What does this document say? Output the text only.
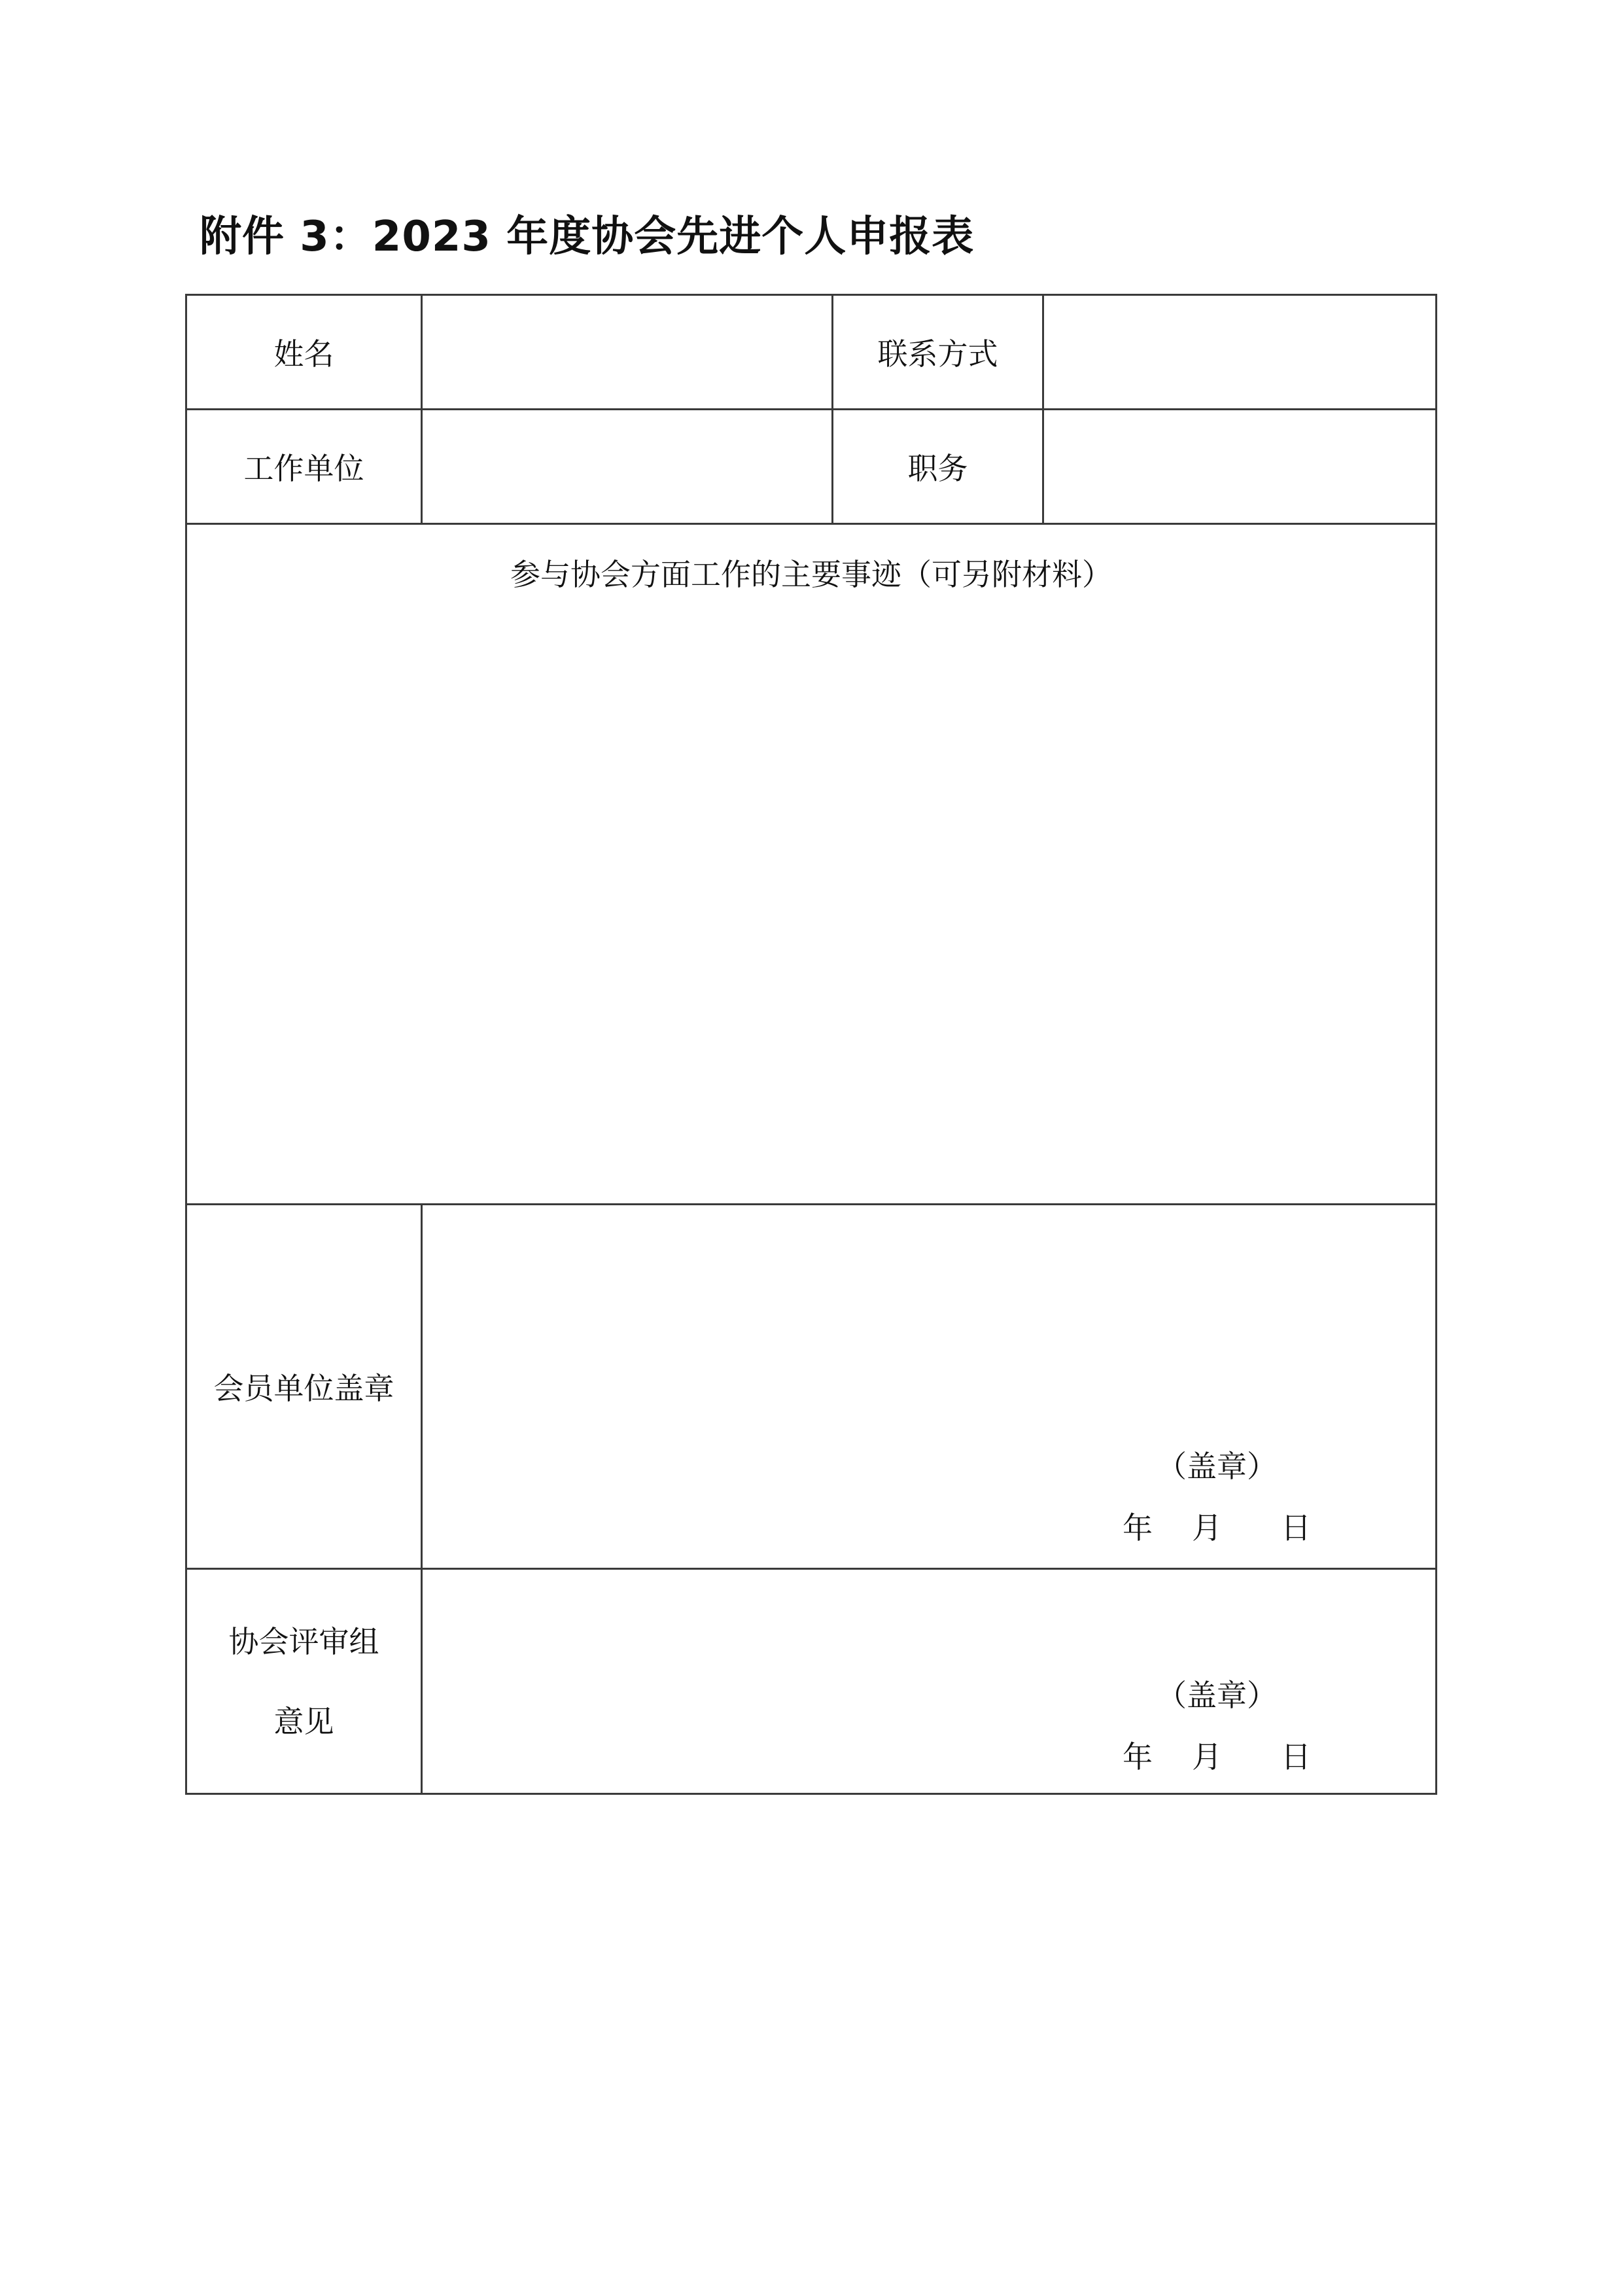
附件 3：2023 年度协会先进个人申报表
姓名		联系方式	
工作单位		职务	

参与协会方面工作的主要事迹（可另附材料）			

会员单位盖章	（盖章）
年 月 日		

协会评审组
意见	（盖章）
年 月 日		
